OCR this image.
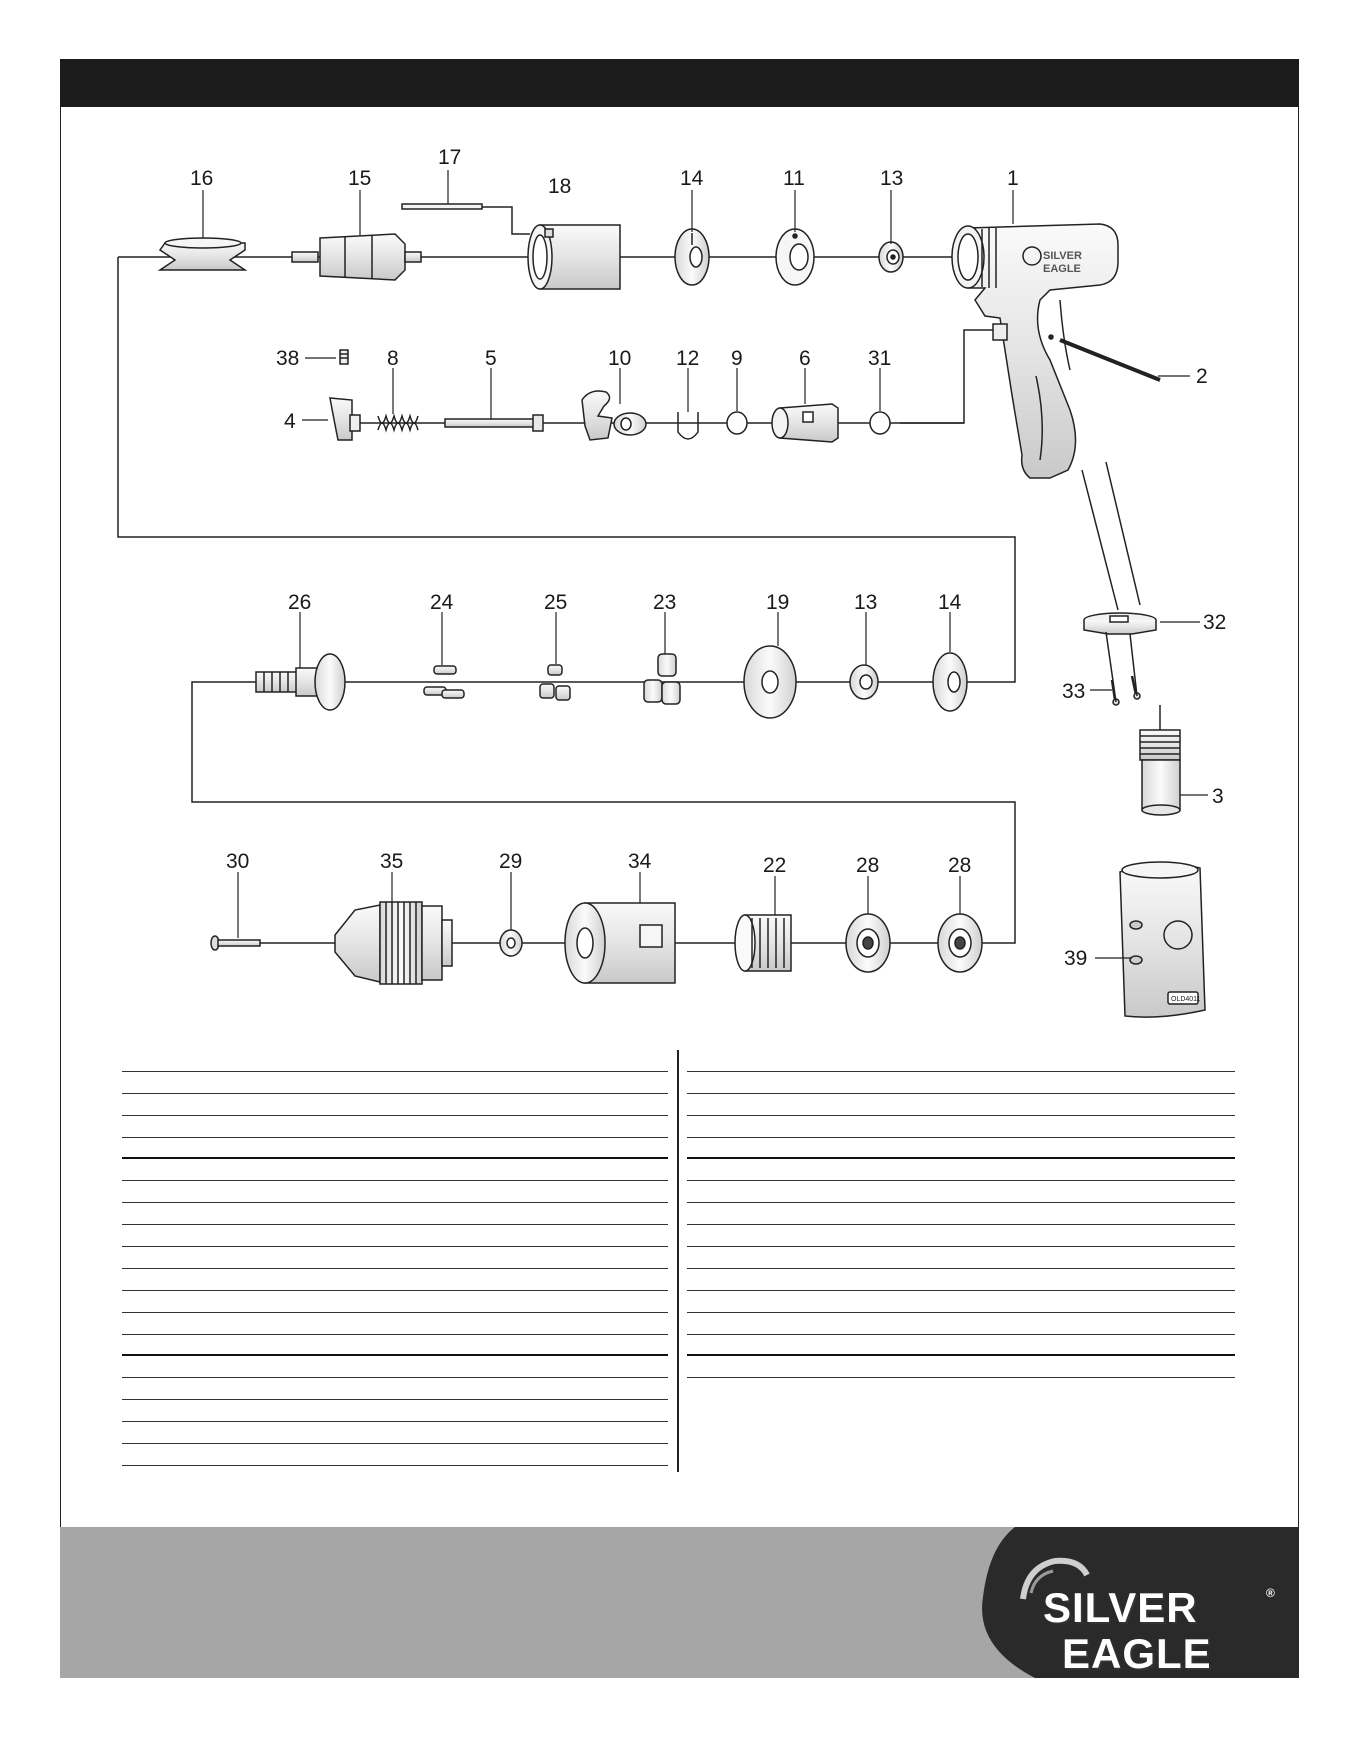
SILVER
EAGLE
OLD4011
16	15
17
18	14	11	13	1
2
38	8	5	10 12 9	6	31
4
26	24	25	23	19	13	14
32
33
3
30	35	29	34	22	28	28
39
SILVER	®
EAGLE
